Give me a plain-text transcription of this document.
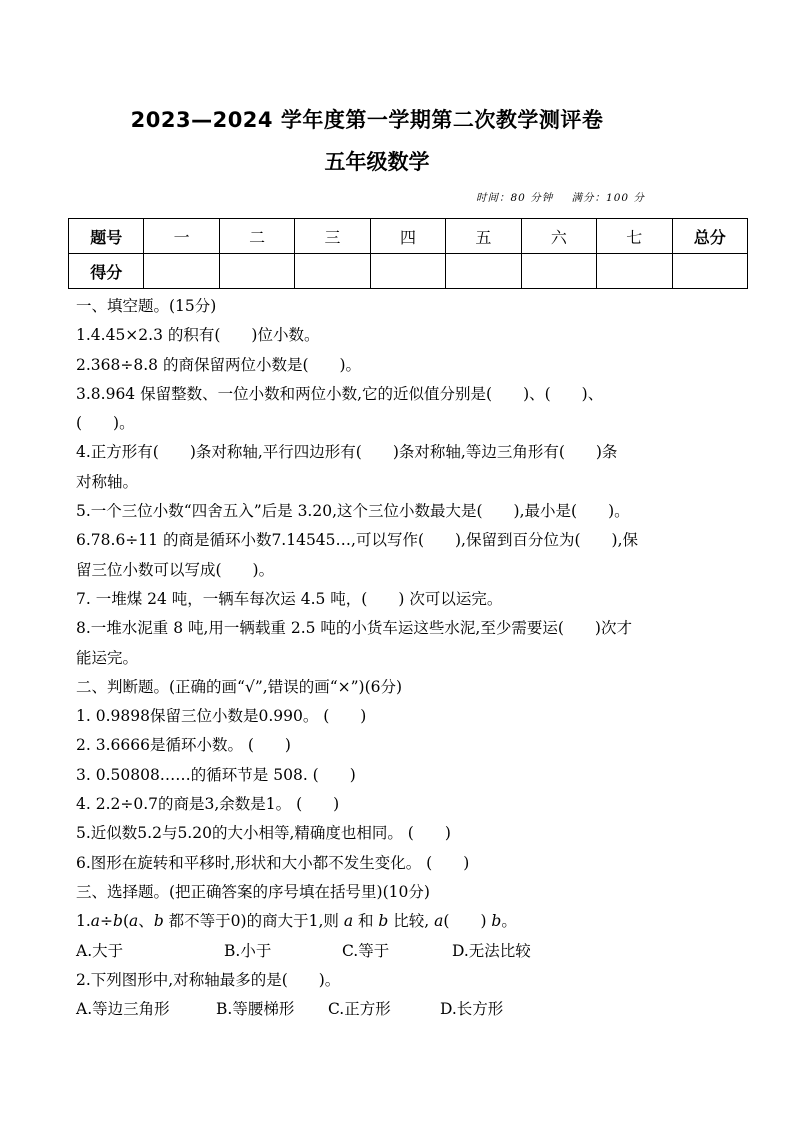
2023—2024 学年度第一学期第二次教学测评卷
五年级数学
时间：80 分钟 满分：100 分
题号	一	二	三	四	五	六	七	总分
得分								
一、填空题。(15分)
1.4.45×2.3 的积有(　　)位小数。
2.368÷8.8 的商保留两位小数是(　　)。
3.8.964 保留整数、一位小数和两位小数,它的近似值分别是(　　)、(　　)、
(　　)。
4.正方形有(　　)条对称轴,平行四边形有(　　)条对称轴,等边三角形有(　　)条
对称轴。
5.一个三位小数“四舍五入”后是 3.20,这个三位小数最大是(　　),最小是(　　)。
6.78.6÷11 的商是循环小数7.14545…,可以写作(　　),保留到百分位为(　　),保
留三位小数可以写成(　　)。
7. 一堆煤 24 吨，一辆车每次运 4.5 吨，(　　) 次可以运完。
8.一堆水泥重 8 吨,用一辆载重 2.5 吨的小货车运这些水泥,至少需要运(　　)次才
能运完。
二、判断题。(正确的画“√”,错误的画“×”)(6分)
1. 0.9898保留三位小数是0.990。 (　　)
2. 3.6666是循环小数。 (　　)
3. 0.50808……的循环节是 508. (　　)
4. 2.2÷0.7的商是3,余数是1。 (　　)
5.近似数5.2与5.20的大小相等,精确度也相同。 (　　)
6.图形在旋转和平移时,形状和大小都不发生变化。 (　　)
三、选择题。(把正确答案的序号填在括号里)(10分)
1.a÷b(a、b 都不等于0)的商大于1,则 a 和 b 比较, a(　　) b。
A.大于	B.小于	C.等于	D.无法比较
2.下列图形中,对称轴最多的是(　　)。
A.等边三角形	B.等腰梯形 C.正方形	D.长方形
